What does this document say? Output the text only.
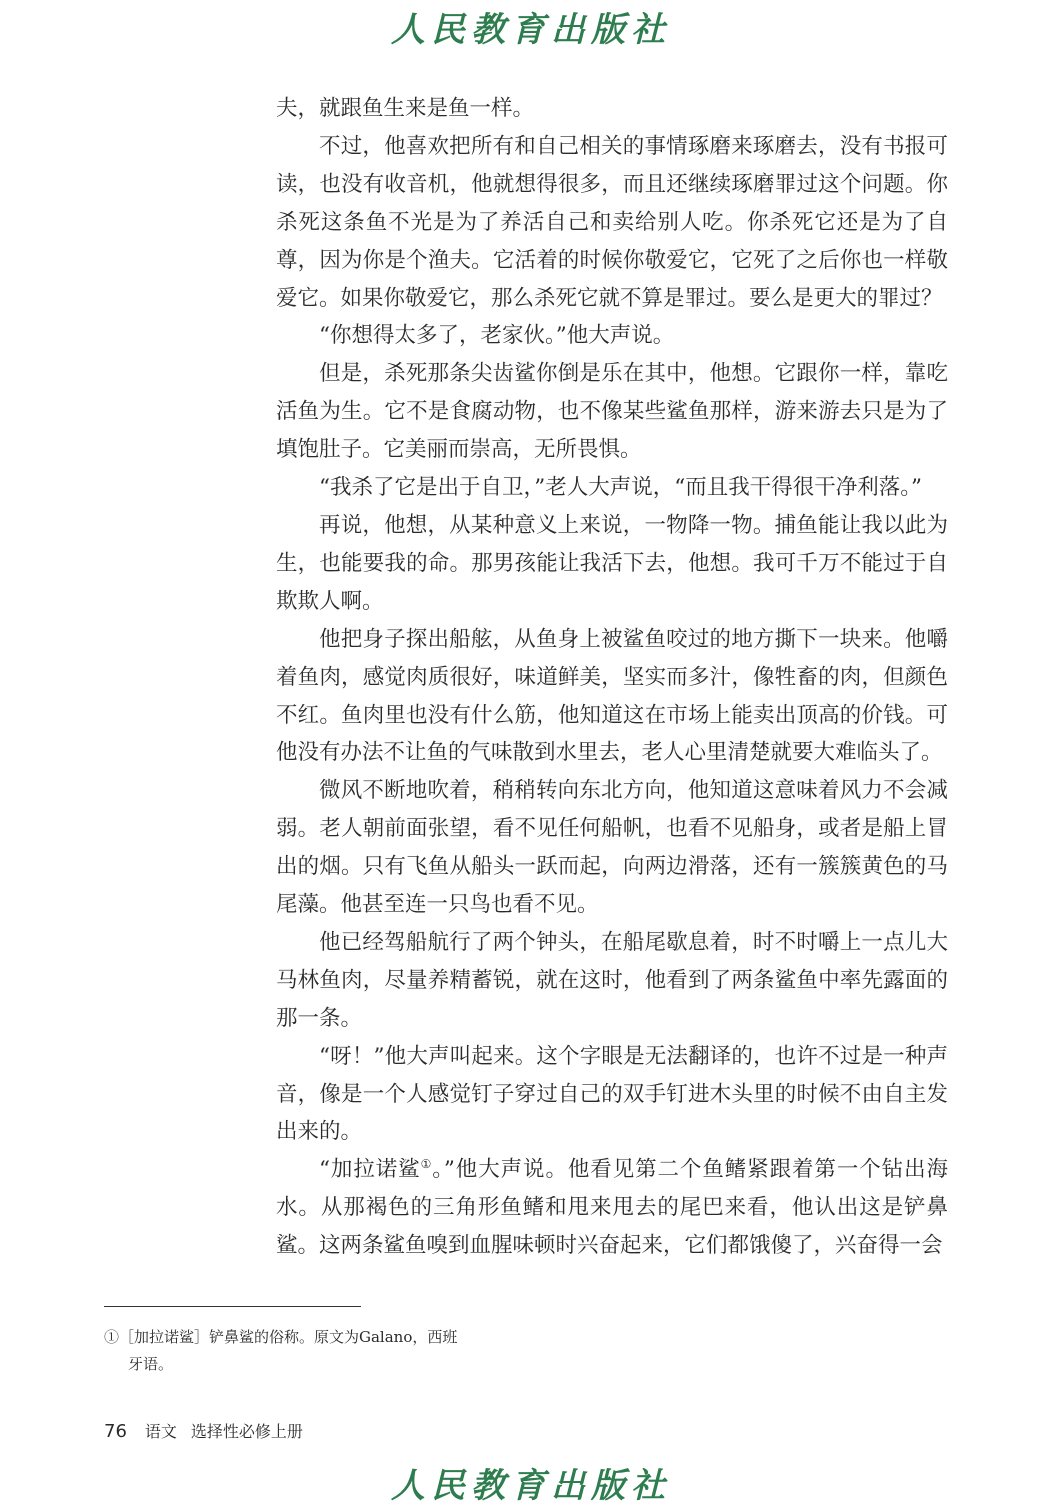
人民教育出版社

夫，就跟鱼生来是鱼一样。

不过，他喜欢把所有和自己相关的事情琢磨来琢磨去，没有书报可读，也没有收音机，他就想得很多，而且还继续琢磨罪过这个问题。你杀死这条鱼不光是为了养活自己和卖给别人吃。你杀死它还是为了自尊，因为你是个渔夫。它活着的时候你敬爱它，它死了之后你也一样敬爱它。如果你敬爱它，那么杀死它就不算是罪过。要么是更大的罪过？

“你想得太多了，老家伙。”他大声说。

但是，杀死那条尖齿鲨你倒是乐在其中，他想。它跟你一样，靠吃活鱼为生。它不是食腐动物，也不像某些鲨鱼那样，游来游去只是为了填饱肚子。它美丽而崇高，无所畏惧。

“我杀了它是出于自卫，”老人大声说，“而且我干得很干净利落。”

再说，他想，从某种意义上来说，一物降一物。捕鱼能让我以此为生，也能要我的命。那男孩能让我活下去，他想。我可千万不能过于自欺欺人啊。

他把身子探出船舷，从鱼身上被鲨鱼咬过的地方撕下一块来。他嚼着鱼肉，感觉肉质很好，味道鲜美，坚实而多汁，像牲畜的肉，但颜色不红。鱼肉里也没有什么筋，他知道这在市场上能卖出顶高的价钱。可他没有办法不让鱼的气味散到水里去，老人心里清楚就要大难临头了。

微风不断地吹着，稍稍转向东北方向，他知道这意味着风力不会减弱。老人朝前面张望，看不见任何船帆，也看不见船身，或者是船上冒出的烟。只有飞鱼从船头一跃而起，向两边滑落，还有一簇簇黄色的马尾藻。他甚至连一只鸟也看不见。

他已经驾船航行了两个钟头，在船尾歇息着，时不时嚼上一点儿大马林鱼肉，尽量养精蓄锐，就在这时，他看到了两条鲨鱼中率先露面的那一条。

“呀！”他大声叫起来。这个字眼是无法翻译的，也许不过是一种声音，像是一个人感觉钉子穿过自己的双手钉进木头里的时候不由自主发出来的。

“加拉诺鲨①。”他大声说。他看见第二个鱼鳍紧跟着第一个钻出海水。从那褐色的三角形鱼鳍和甩来甩去的尾巴来看，他认出这是铲鼻鲨。这两条鲨鱼嗅到血腥味顿时兴奋起来，它们都饿傻了，兴奋得一会

①［加拉诺鲨］铲鼻鲨的俗称。原文为Galano，西班
牙语。
76 语文 选择性必修上册
人民教育出版社
